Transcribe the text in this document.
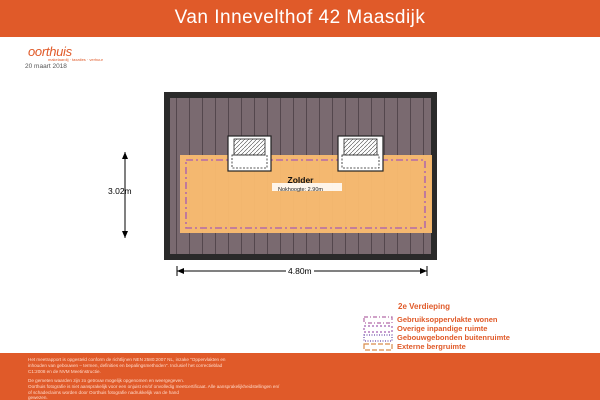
Van Innevelthof 42 Maasdijk
oorthuis
makelaardij · taxaties · verhuur
20 maart 2018
Zolder
Nokhoogte: 2.90m
3.02m
4.80m
2e Verdieping
Gebruiksoppervlakte wonen
Overige inpandige ruimte
Gebouwgebonden buitenruimte
Externe bergruimte
Het meetrapport is opgesteld conform de richtlijnen NEN 2580:2007 NL, inzake "Oppervlakten en
inhouden van gebouwen – termen, definities en bepalingsmethoden". Inclusief het correctieblad
C1:2008 en de NVM Meetinstructie.
De gemeten waarden zijn zo getrouw mogelijk opgenomen en weergegeven.
Oorthuis fotografie is niet aansprakelijk voor een onjuist en/of onvolledig meetcertificaat. Alle aansprakelijkheidstellingen en/
of schadeclaims worden door Oorthuis fotografie nadrukkelijk van de hand
gewezen.
